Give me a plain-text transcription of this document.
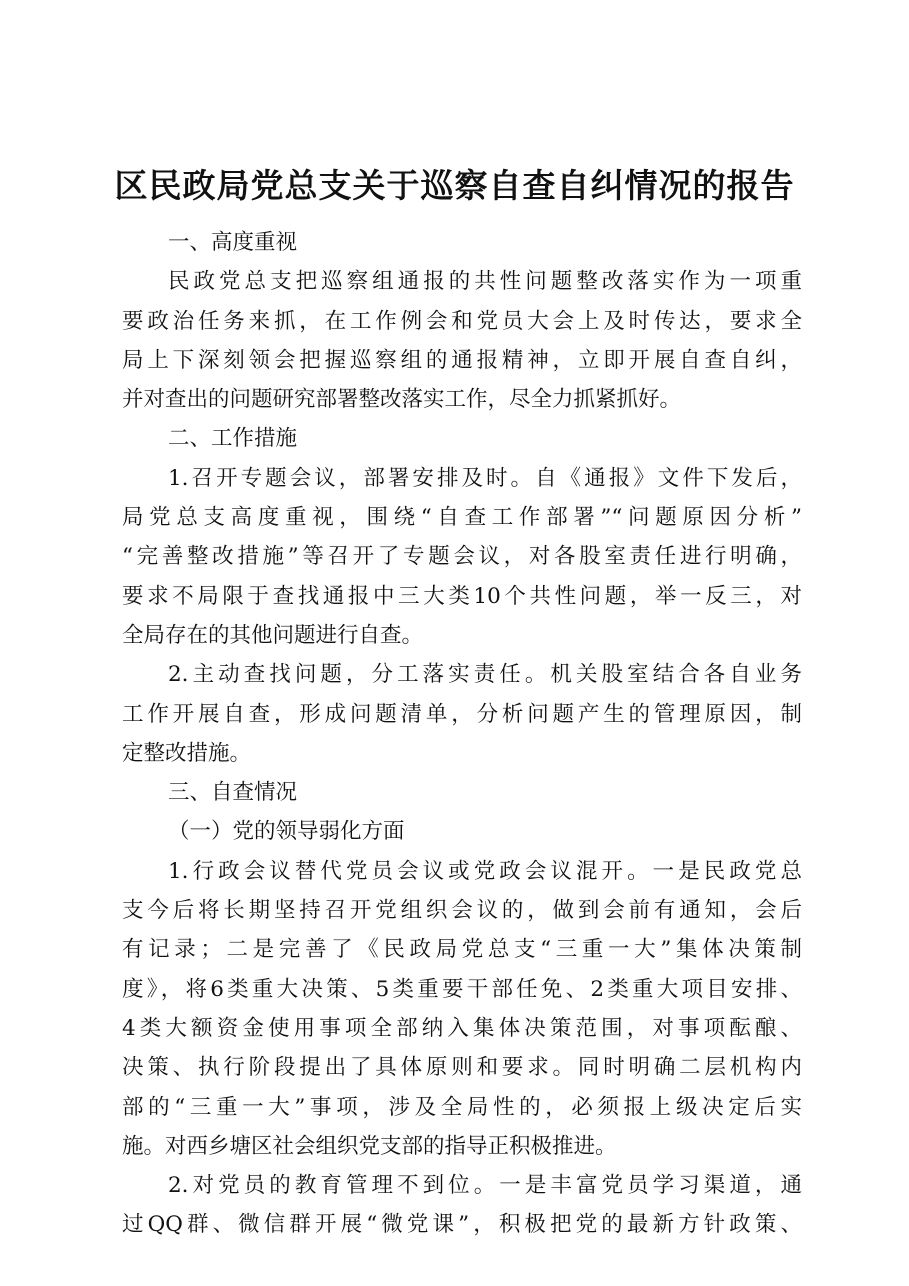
区民政局党总支关于巡察自查自纠情况的报告
一、高度重视
民政党总支把巡察组通报的共性问题整改落实作为一项重
要政治任务来抓，在工作例会和党员大会上及时传达，要求全
局上下深刻领会把握巡察组的通报精神，立即开展自查自纠，
并对查出的问题研究部署整改落实工作，尽全力抓紧抓好。
二、工作措施
1.召开专题会议，部署安排及时。自《通报》文件下发后，
局党总支高度重视，围绕“自查工作部署”“问题原因分析”
“完善整改措施”等召开了专题会议，对各股室责任进行明确，
要求不局限于查找通报中三大类10个共性问题，举一反三，对
全局存在的其他问题进行自查。
2.主动查找问题，分工落实责任。机关股室结合各自业务
工作开展自查，形成问题清单，分析问题产生的管理原因，制
定整改措施。
三、自查情况
（一）党的领导弱化方面
1.行政会议替代党员会议或党政会议混开。一是民政党总
支今后将长期坚持召开党组织会议的，做到会前有通知，会后
有记录；二是完善了《民政局党总支“三重一大”集体决策制
度》，将6类重大决策、5类重要干部任免、2类重大项目安排、
4类大额资金使用事项全部纳入集体决策范围，对事项酝酿、
决策、执行阶段提出了具体原则和要求。同时明确二层机构内
部的“三重一大”事项，涉及全局性的，必须报上级决定后实
施。对西乡塘区社会组织党支部的指导正积极推进。
2.对党员的教育管理不到位。一是丰富党员学习渠道，通
过QQ群、微信群开展“微党课”，积极把党的最新方针政策、
